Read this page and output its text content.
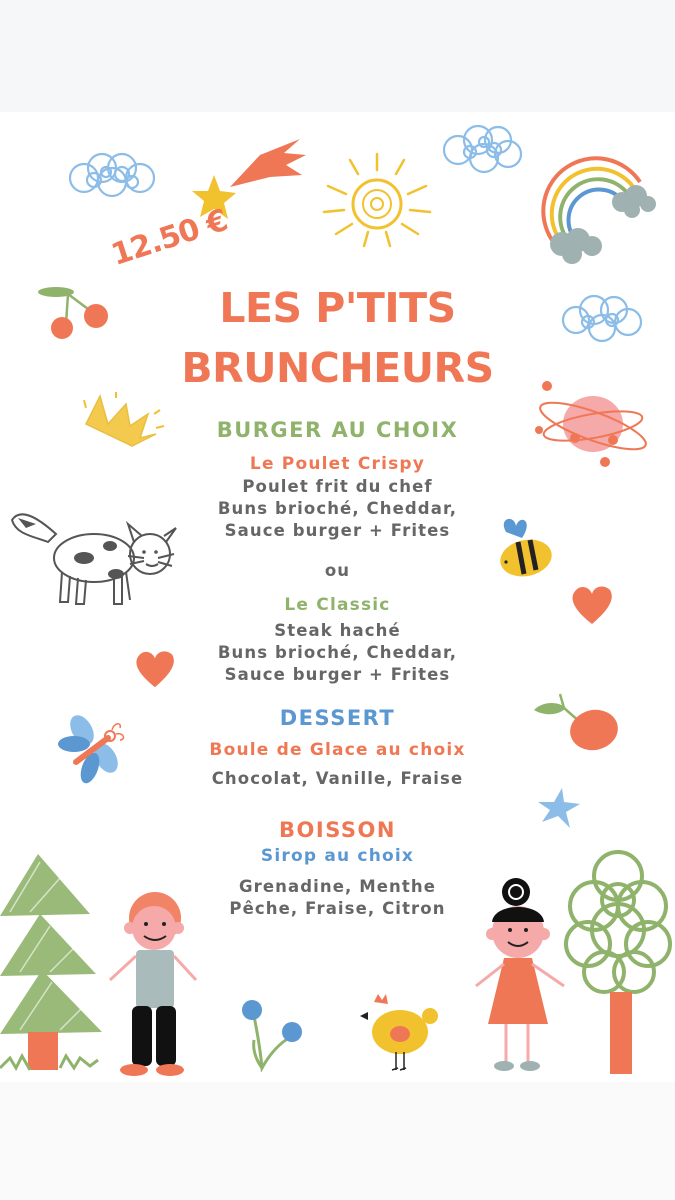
12.50 €
LES P'TITS
BRUNCHEURS
BURGER AU CHOIX
Le Poulet Crispy
Poulet frit du chef
Buns brioché, Cheddar,
Sauce burger + Frites
ou
Le Classic
Steak haché
Buns brioché, Cheddar,
Sauce burger + Frites
DESSERT
Boule de Glace au choix
Chocolat, Vanille, Fraise
BOISSON
Sirop au choix
Grenadine, Menthe
Pêche, Fraise, Citron
